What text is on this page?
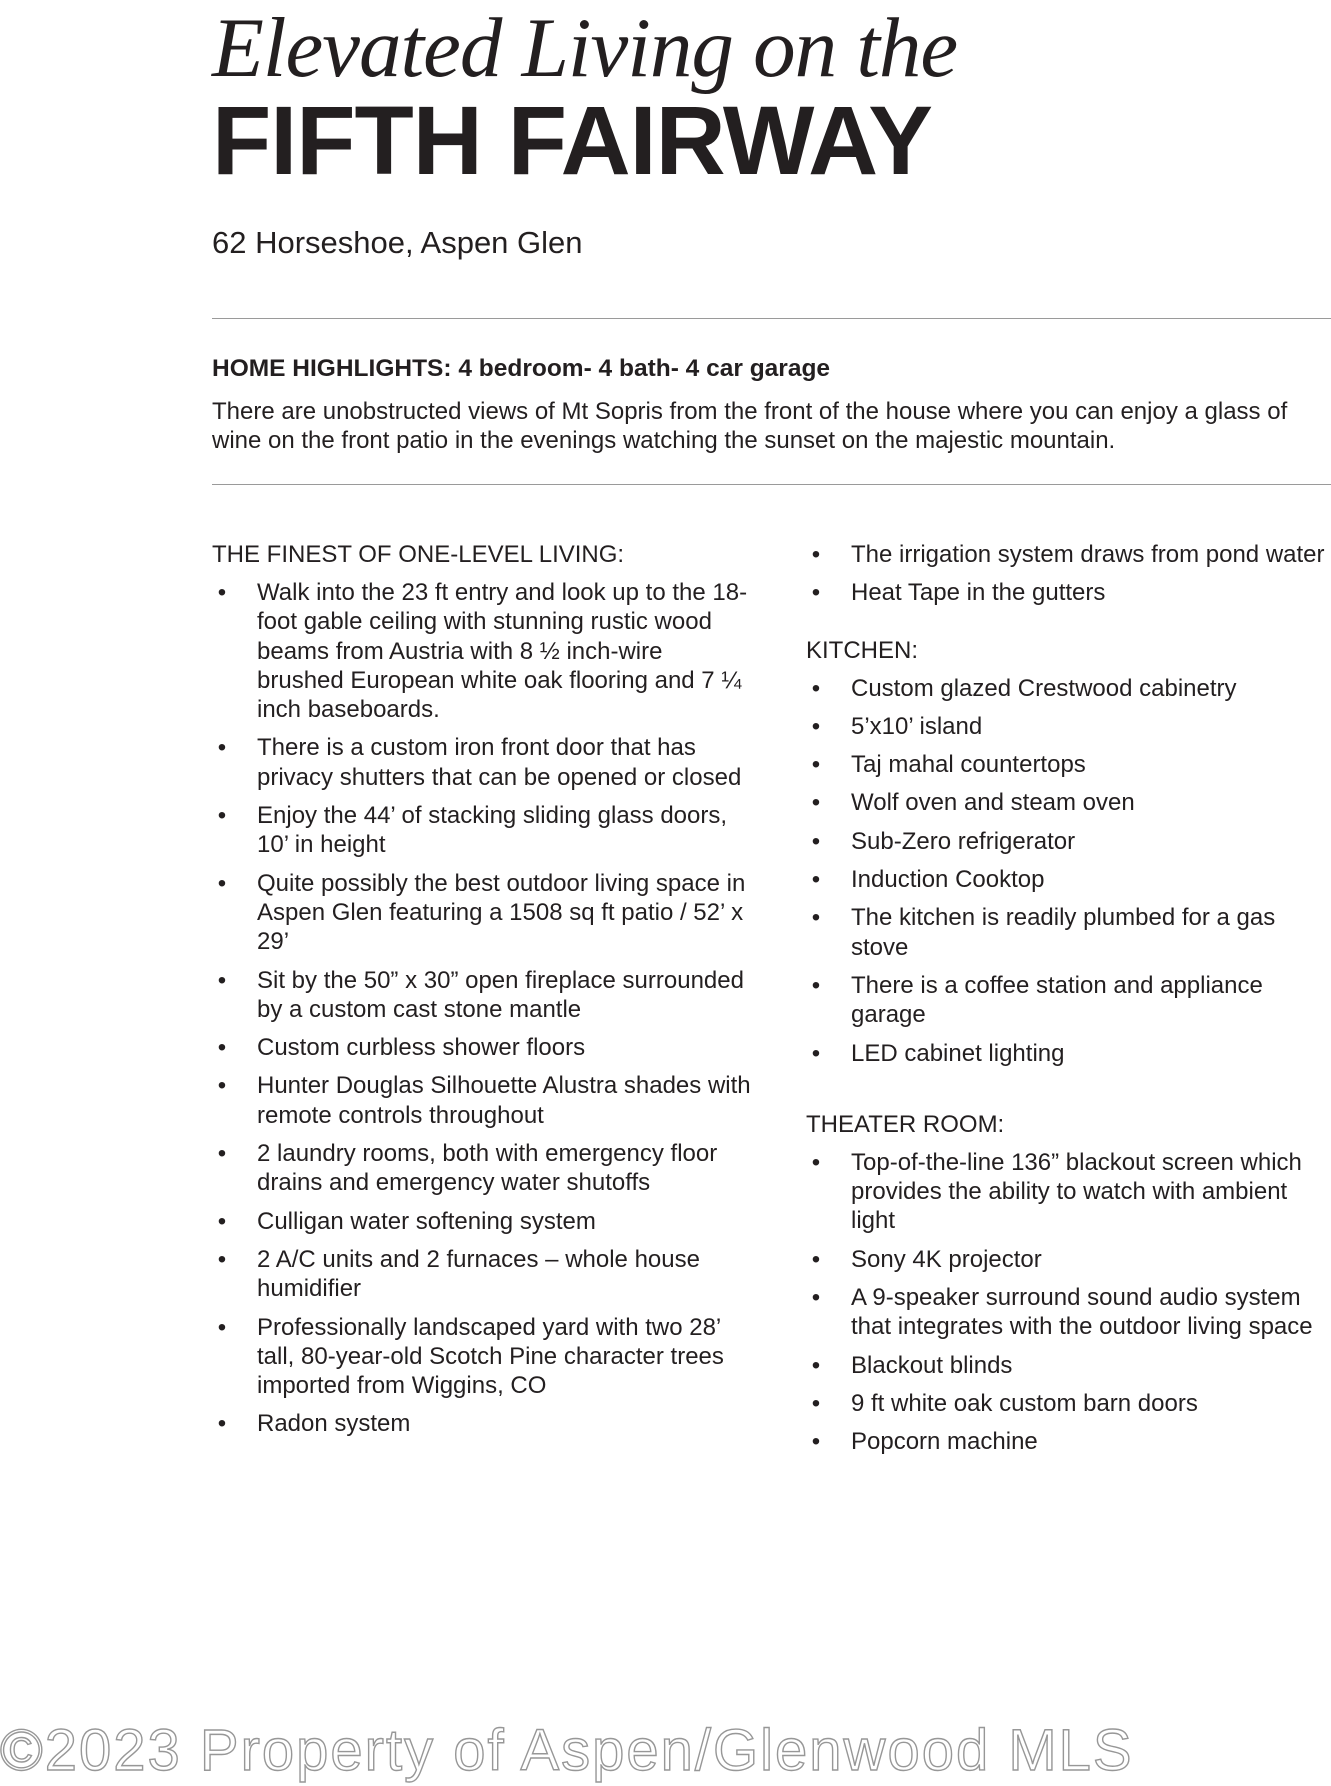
Elevated Living on the
FIFTH FAIRWAY
62 Horseshoe, Aspen Glen
HOME HIGHLIGHTS: 4 bedroom- 4 bath- 4 car garage
There are unobstructed views of Mt Sopris from the front of the house where you can enjoy a glass of wine on the front patio in the evenings watching the sunset on the majestic mountain.
THE FINEST OF ONE-LEVEL LIVING:
• Walk into the 23 ft entry and look up to the 18-foot gable ceiling with stunning rustic wood beams from Austria with 8 ½ inch-wire brushed European white oak flooring and 7 ¼ inch baseboards.
• There is a custom iron front door that has privacy shutters that can be opened or closed
• Enjoy the 44’ of stacking sliding glass doors, 10’ in height
• Quite possibly the best outdoor living space in Aspen Glen featuring a 1508 sq ft patio / 52’ x 29’
• Sit by the 50” x 30” open fireplace surrounded by a custom cast stone mantle
• Custom curbless shower floors
• Hunter Douglas Silhouette Alustra shades with remote controls throughout
• 2 laundry rooms, both with emergency floor drains and emergency water shutoffs
• Culligan water softening system
• 2 A/C units and 2 furnaces – whole house humidifier
• Professionally landscaped yard with two 28’ tall, 80-year-old Scotch Pine character trees imported from Wiggins, CO
• Radon system
• The irrigation system draws from pond water
• Heat Tape in the gutters
KITCHEN:
• Custom glazed Crestwood cabinetry
• 5’x10’ island
• Taj mahal countertops
• Wolf oven and steam oven
• Sub-Zero refrigerator
• Induction Cooktop
• The kitchen is readily plumbed for a gas stove
• There is a coffee station and appliance garage
• LED cabinet lighting
THEATER ROOM:
• Top-of-the-line 136” blackout screen which provides the ability to watch with ambient light
• Sony 4K projector
• A 9-speaker surround sound audio system that integrates with the outdoor living space
• Blackout blinds
• 9 ft white oak custom barn doors
• Popcorn machine
©2023 Property of Aspen/Glenwood MLS
